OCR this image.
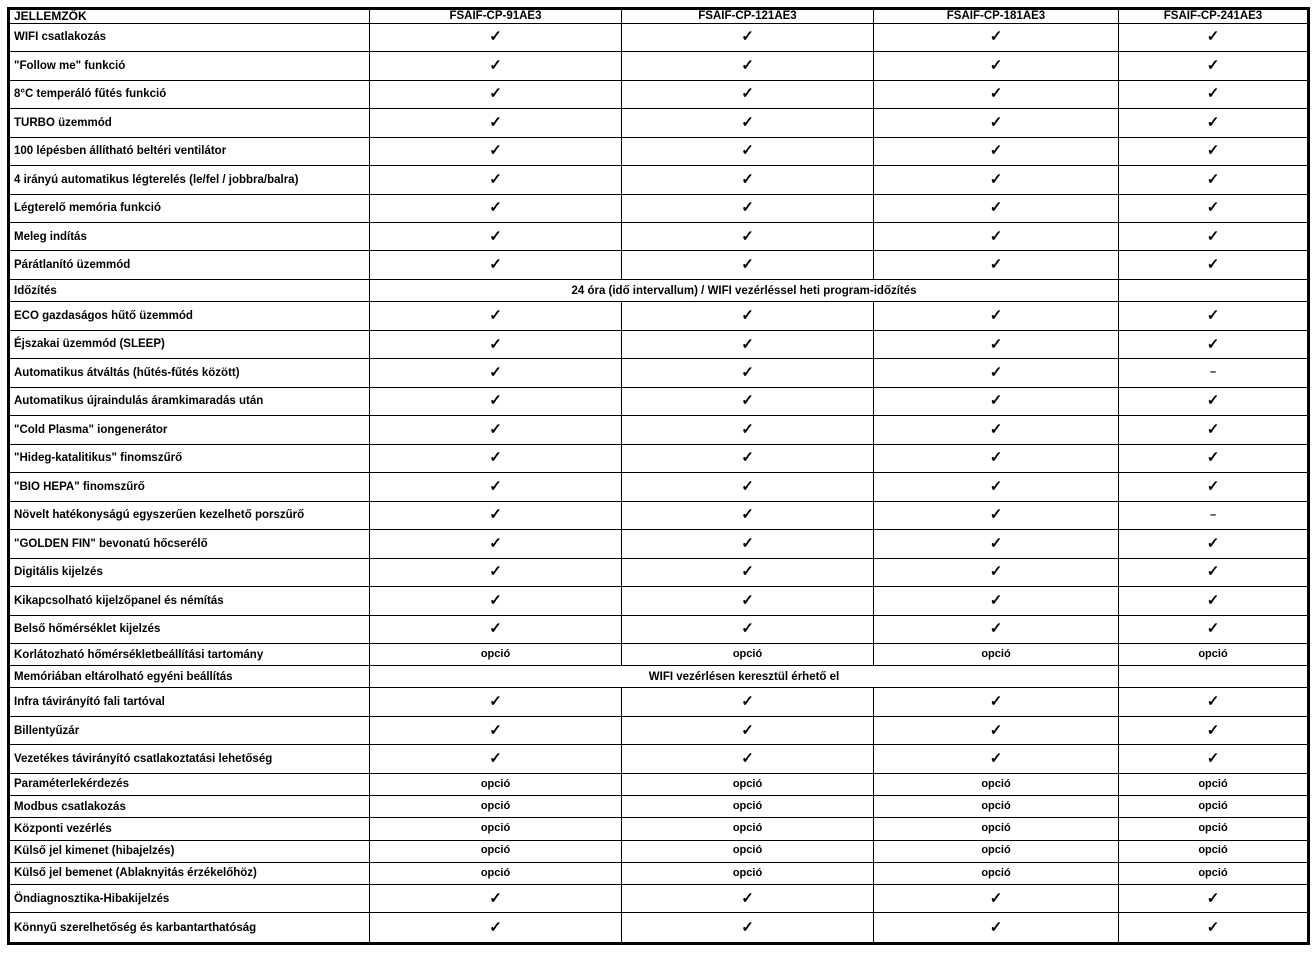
JELLEMZŐK	FSAIF-CP-91AE3	FSAIF-CP-121AE3	FSAIF-CP-181AE3	FSAIF-CP-241AE3
WIFI csatlakozás	✓	✓	✓	✓
"Follow me" funkció	✓	✓	✓	✓
8°C temperáló fűtés funkció	✓	✓	✓	✓
TURBO üzemmód	✓	✓	✓	✓
100 lépésben állítható beltéri ventilátor	✓	✓	✓	✓
4 irányú automatikus légterelés (le/fel / jobbra/balra)	✓	✓	✓	✓
Légterelő memória funkció	✓	✓	✓	✓
Meleg indítás	✓	✓	✓	✓
Párátlanító üzemmód	✓	✓	✓	✓
Időzítés	24 óra (idő intervallum) / WIFI vezérléssel heti program-időzítés			
ECO gazdaságos hűtő üzemmód	✓	✓	✓	✓
Éjszakai üzemmód (SLEEP)	✓	✓	✓	✓
Automatikus átváltás (hűtés-fűtés között)	✓	✓	✓	–
Automatikus újraindulás áramkimaradás után	✓	✓	✓	✓
"Cold Plasma" iongenerátor	✓	✓	✓	✓
"Hideg-katalitikus" finomszűrő	✓	✓	✓	✓
"BIO HEPA" finomszűrő	✓	✓	✓	✓
Növelt hatékonyságú egyszerűen kezelhető porszűrő	✓	✓	✓	–
"GOLDEN FIN" bevonatú hőcserélő	✓	✓	✓	✓
Digitális kijelzés	✓	✓	✓	✓
Kikapcsolható kijelzőpanel és némítás	✓	✓	✓	✓
Belső hőmérséklet kijelzés	✓	✓	✓	✓
Korlátozható hőmérsékletbeállítási tartomány	opció	opció	opció	opció
Memóriában eltárolható egyéni beállítás	WIFI vezérlésen keresztül érhető el			
Infra távirányító fali tartóval	✓	✓	✓	✓
Billentyűzár	✓	✓	✓	✓
Vezetékes távirányító csatlakoztatási lehetőség	✓	✓	✓	✓
Paraméterlekérdezés	opció	opció	opció	opció
Modbus csatlakozás	opció	opció	opció	opció
Központi vezérlés	opció	opció	opció	opció
Külső jel kimenet (hibajelzés)	opció	opció	opció	opció
Külső jel bemenet (Ablaknyitás érzékelőhöz)	opció	opció	opció	opció
Öndiagnosztika-Hibakijelzés	✓	✓	✓	✓
Könnyű szerelhetőség és karbantarthatóság	✓	✓	✓	✓
